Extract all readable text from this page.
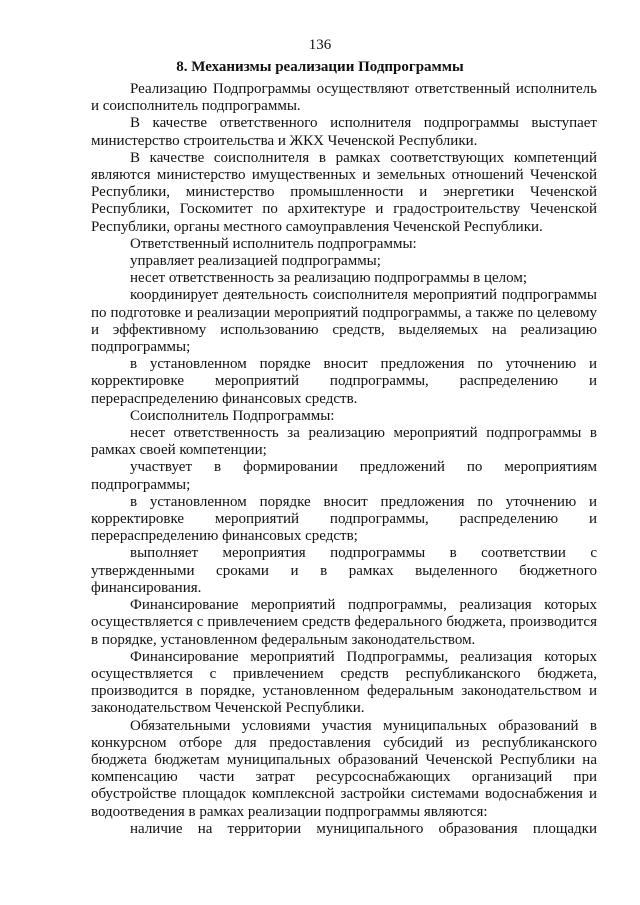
136
8. Механизмы реализации Подпрограммы

Реализацию Подпрограммы осуществляют ответственный исполнитель и соисполнитель подпрограммы.

В качестве ответственного исполнителя подпрограммы выступает министерство строительства и ЖКХ Чеченской Республики.

В качестве соисполнителя в рамках соответствующих компетенций являются министерство имущественных и земельных отношений Чеченской Республики, министерство промышленности и энергетики Чеченской Республики, Госкомитет по архитектуре и градостроительству Чеченской Республики, органы местного самоуправления Чеченской Республики.

Ответственный исполнитель подпрограммы:

управляет реализацией подпрограммы;

несет ответственность за реализацию подпрограммы в целом;

координирует деятельность соисполнителя мероприятий подпрограммы по подготовке и реализации мероприятий подпрограммы, а также по целевому и эффективному использованию средств, выделяемых на реализацию подпрограммы;

в установленном порядке вносит предложения по уточнению и корректировке мероприятий подпрограммы, распределению и перераспределению финансовых средств.

Соисполнитель Подпрограммы:

несет ответственность за реализацию мероприятий подпрограммы в рамках своей компетенции;

участвует в формировании предложений по мероприятиям подпрограммы;

в установленном порядке вносит предложения по уточнению и корректировке мероприятий подпрограммы, распределению и перераспределению финансовых средств;

выполняет мероприятия подпрограммы в соответствии с утвержденными сроками и в рамках выделенного бюджетного финансирования.

Финансирование мероприятий подпрограммы, реализация которых осуществляется с привлечением средств федерального бюджета, производится в порядке, установленном федеральным законодательством.

Финансирование мероприятий Подпрограммы, реализация которых осуществляется с привлечением средств республиканского бюджета, производится в порядке, установленном федеральным законодательством и законодательством Чеченской Республики.

Обязательными условиями участия муниципальных образований в конкурсном отборе для предоставления субсидий из республиканского бюджета бюджетам муниципальных образований Чеченской Республики на компенсацию части затрат ресурсоснабжающих организаций при обустройстве площадок комплексной застройки системами водоснабжения и водоотведения в рамках реализации подпрограммы являются:

наличие на территории муниципального образования площадки
